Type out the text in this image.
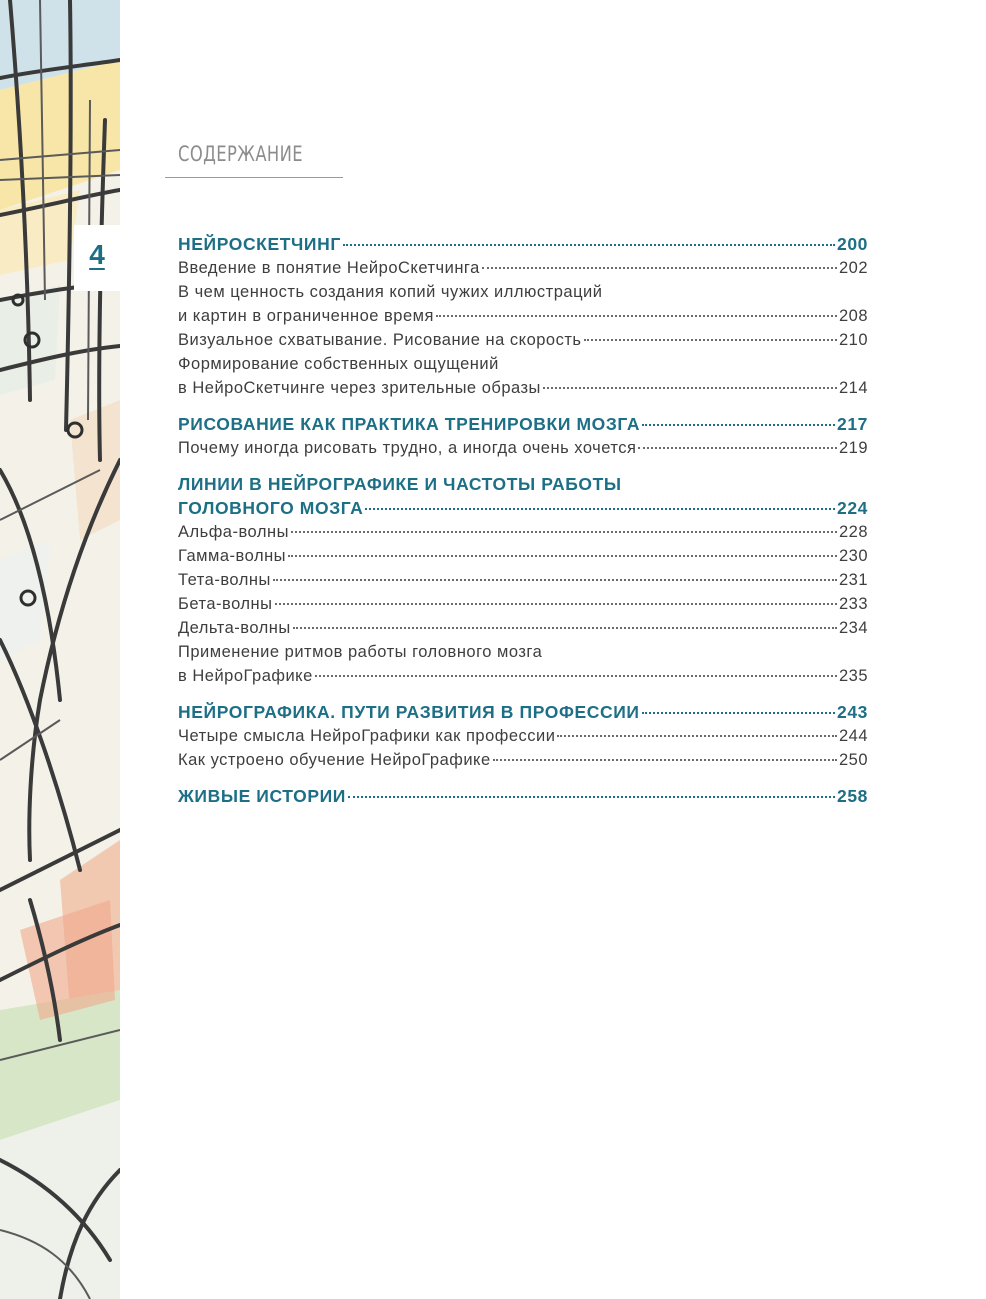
4
СОДЕРЖАНИЕ
НЕЙРОСКЕТЧИНГ	200
Введение в понятие НейроСкетчинга	202
В чем ценность создания копий чужих иллюстраций
и картин в ограниченное время	208
Визуальное схватывание. Рисование на скорость	210
Формирование собственных ощущений
в НейроСкетчинге через зрительные образы	214
РИСОВАНИЕ КАК ПРАКТИКА ТРЕНИРОВКИ МОЗГА	217
Почему иногда рисовать трудно, а иногда очень хочется	219
ЛИНИИ В НЕЙРОГРАФИКЕ И ЧАСТОТЫ РАБОТЫ
ГОЛОВНОГО МОЗГА	224
Альфа-волны	228
Гамма-волны	230
Тета-волны	231
Бета-волны	233
Дельта-волны	234
Применение ритмов работы головного мозга
в НейроГрафике	235
НЕЙРОГРАФИКА. ПУТИ РАЗВИТИЯ В ПРОФЕССИИ	243
Четыре смысла НейроГрафики как профессии	244
Как устроено обучение НейроГрафике	250
ЖИВЫЕ ИСТОРИИ	258
